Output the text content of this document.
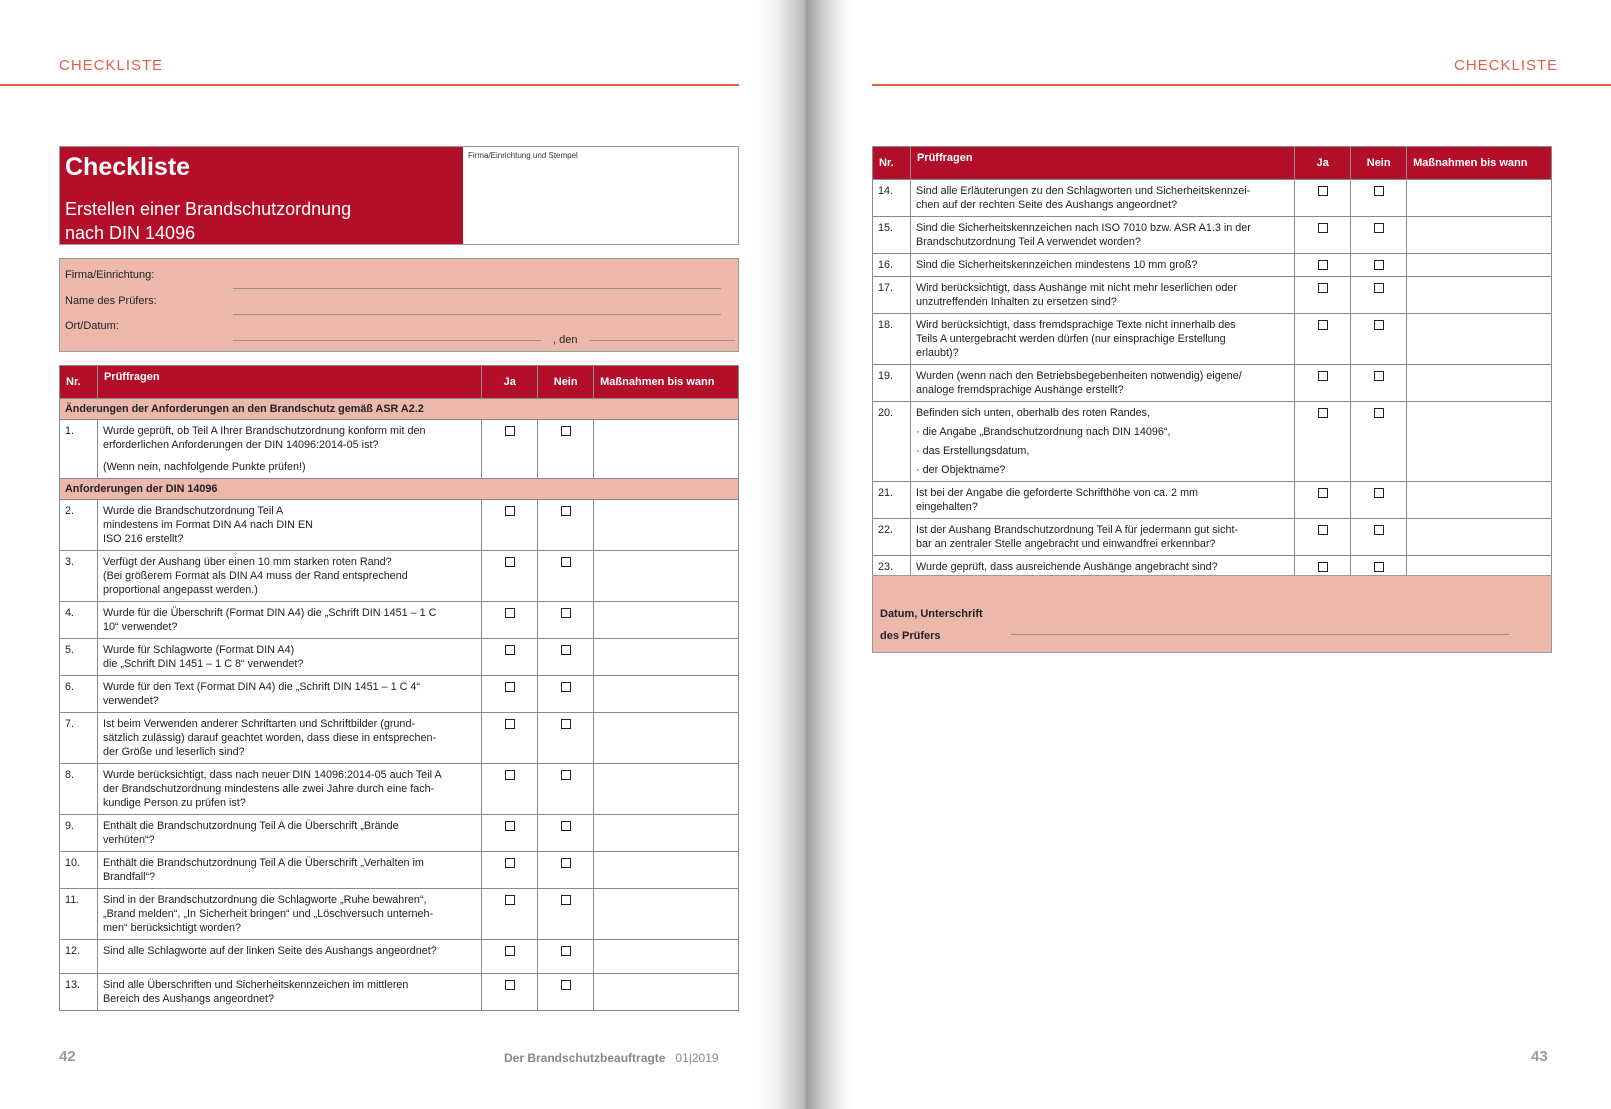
CHECKLISTE
Checkliste
Erstellen einer Brandschutzordnung
nach DIN 14096
Firma/Einrichtung und Stempel
Firma/Einrichtung:
Name des Prüfers:
Ort/Datum:
, den
Nr.	Prüffragen	Ja	Nein	Maßnahmen bis wann
Änderungen der Anforderungen an den Brandschutz gemäß ASR A2.2				
1.	Wurde geprüft, ob Teil A Ihrer Brandschutzordnung konform mit den
erforderlichen Anforderungen der DIN 14096:2014-05 ist?
(Wenn nein, nachfolgende Punkte prüfen!)			

Anforderungen der DIN 14096				
2.	Wurde die Brandschutzordnung Teil A
mindestens im Format DIN A4 nach DIN EN
ISO 216 erstellt?			
3.	Verfügt der Aushang über einen 10 mm starken roten Rand?
(Bei größerem Format als DIN A4 muss der Rand entsprechend
proportional angepasst werden.)			
4.	Wurde für die Überschrift (Format DIN A4) die „Schrift DIN 1451 – 1 C
10“ verwendet?			
5.	Wurde für Schlagworte (Format DIN A4)
die „Schrift DIN 1451 – 1 C 8“ verwendet?			
6.	Wurde für den Text (Format DIN A4) die „Schrift DIN 1451 – 1 C 4“
verwendet?			
7.	Ist beim Verwenden anderer Schriftarten und Schriftbilder (grund-
sätzlich zulässig) darauf geachtet worden, dass diese in entsprechen-
der Größe und leserlich sind?			
8.	Wurde berücksichtigt, dass nach neuer DIN 14096:2014-05 auch Teil A
der Brandschutzordnung mindestens alle zwei Jahre durch eine fach-
kundige Person zu prüfen ist?			
9.	Enthält die Brandschutzordnung Teil A die Überschrift „Brände
verhüten“?			
10.	Enthält die Brandschutzordnung Teil A die Überschrift „Verhalten im
Brandfall“?			
11.	Sind in der Brandschutzordnung die Schlagworte „Ruhe bewahren“,
„Brand melden“, „In Sicherheit bringen“ und „Löschversuch unterneh-
men“ berücksichtigt worden?			
12.	Sind alle Schlagworte auf der linken Seite des Aushangs angeordnet?			
13.	Sind alle Überschriften und Sicherheitskennzeichen im mittleren
Bereich des Aushangs angeordnet?			
42	Der Brandschutzbeauftragte 01|2019
CHECKLISTE
43
Nr.	Prüffragen	Ja	Nein	Maßnahmen bis wann
14.	Sind alle Erläuterungen zu den Schlagworten und Sicherheitskennzei-
chen auf der rechten Seite des Aushangs angeordnet?			
15.	Sind die Sicherheitskennzeichen nach ISO 7010 bzw. ASR A1.3 in der
Brandschutzordnung Teil A verwendet worden?			
16.	Sind die Sicherheitskennzeichen mindestens 10 mm groß?			
17.	Wird berücksichtigt, dass Aushänge mit nicht mehr leserlichen oder
unzutreffenden Inhalten zu ersetzen sind?			
18.	Wird berücksichtigt, dass fremdsprachige Texte nicht innerhalb des
Teils A untergebracht werden dürfen (nur einsprachige Erstellung
erlaubt)?			
19.	Wurden (wenn nach den Betriebsbegebenheiten notwendig) eigene/
analoge fremdsprachige Aushänge erstellt?			
20.	Befinden sich unten, oberhalb des roten Randes,
· die Angabe „Brandschutzordnung nach DIN 14096“,
· das Erstellungsdatum,
· der Objektname?			

21.	Ist bei der Angabe die geforderte Schrifthöhe von ca. 2 mm
eingehalten?			
22.	Ist der Aushang Brandschutzordnung Teil A für jedermann gut sicht-
bar an zentraler Stelle angebracht und einwandfrei erkennbar?			
23.	Wurde geprüft, dass ausreichende Aushänge angebracht sind?			
Datum, Unterschrift
des Prüfers
